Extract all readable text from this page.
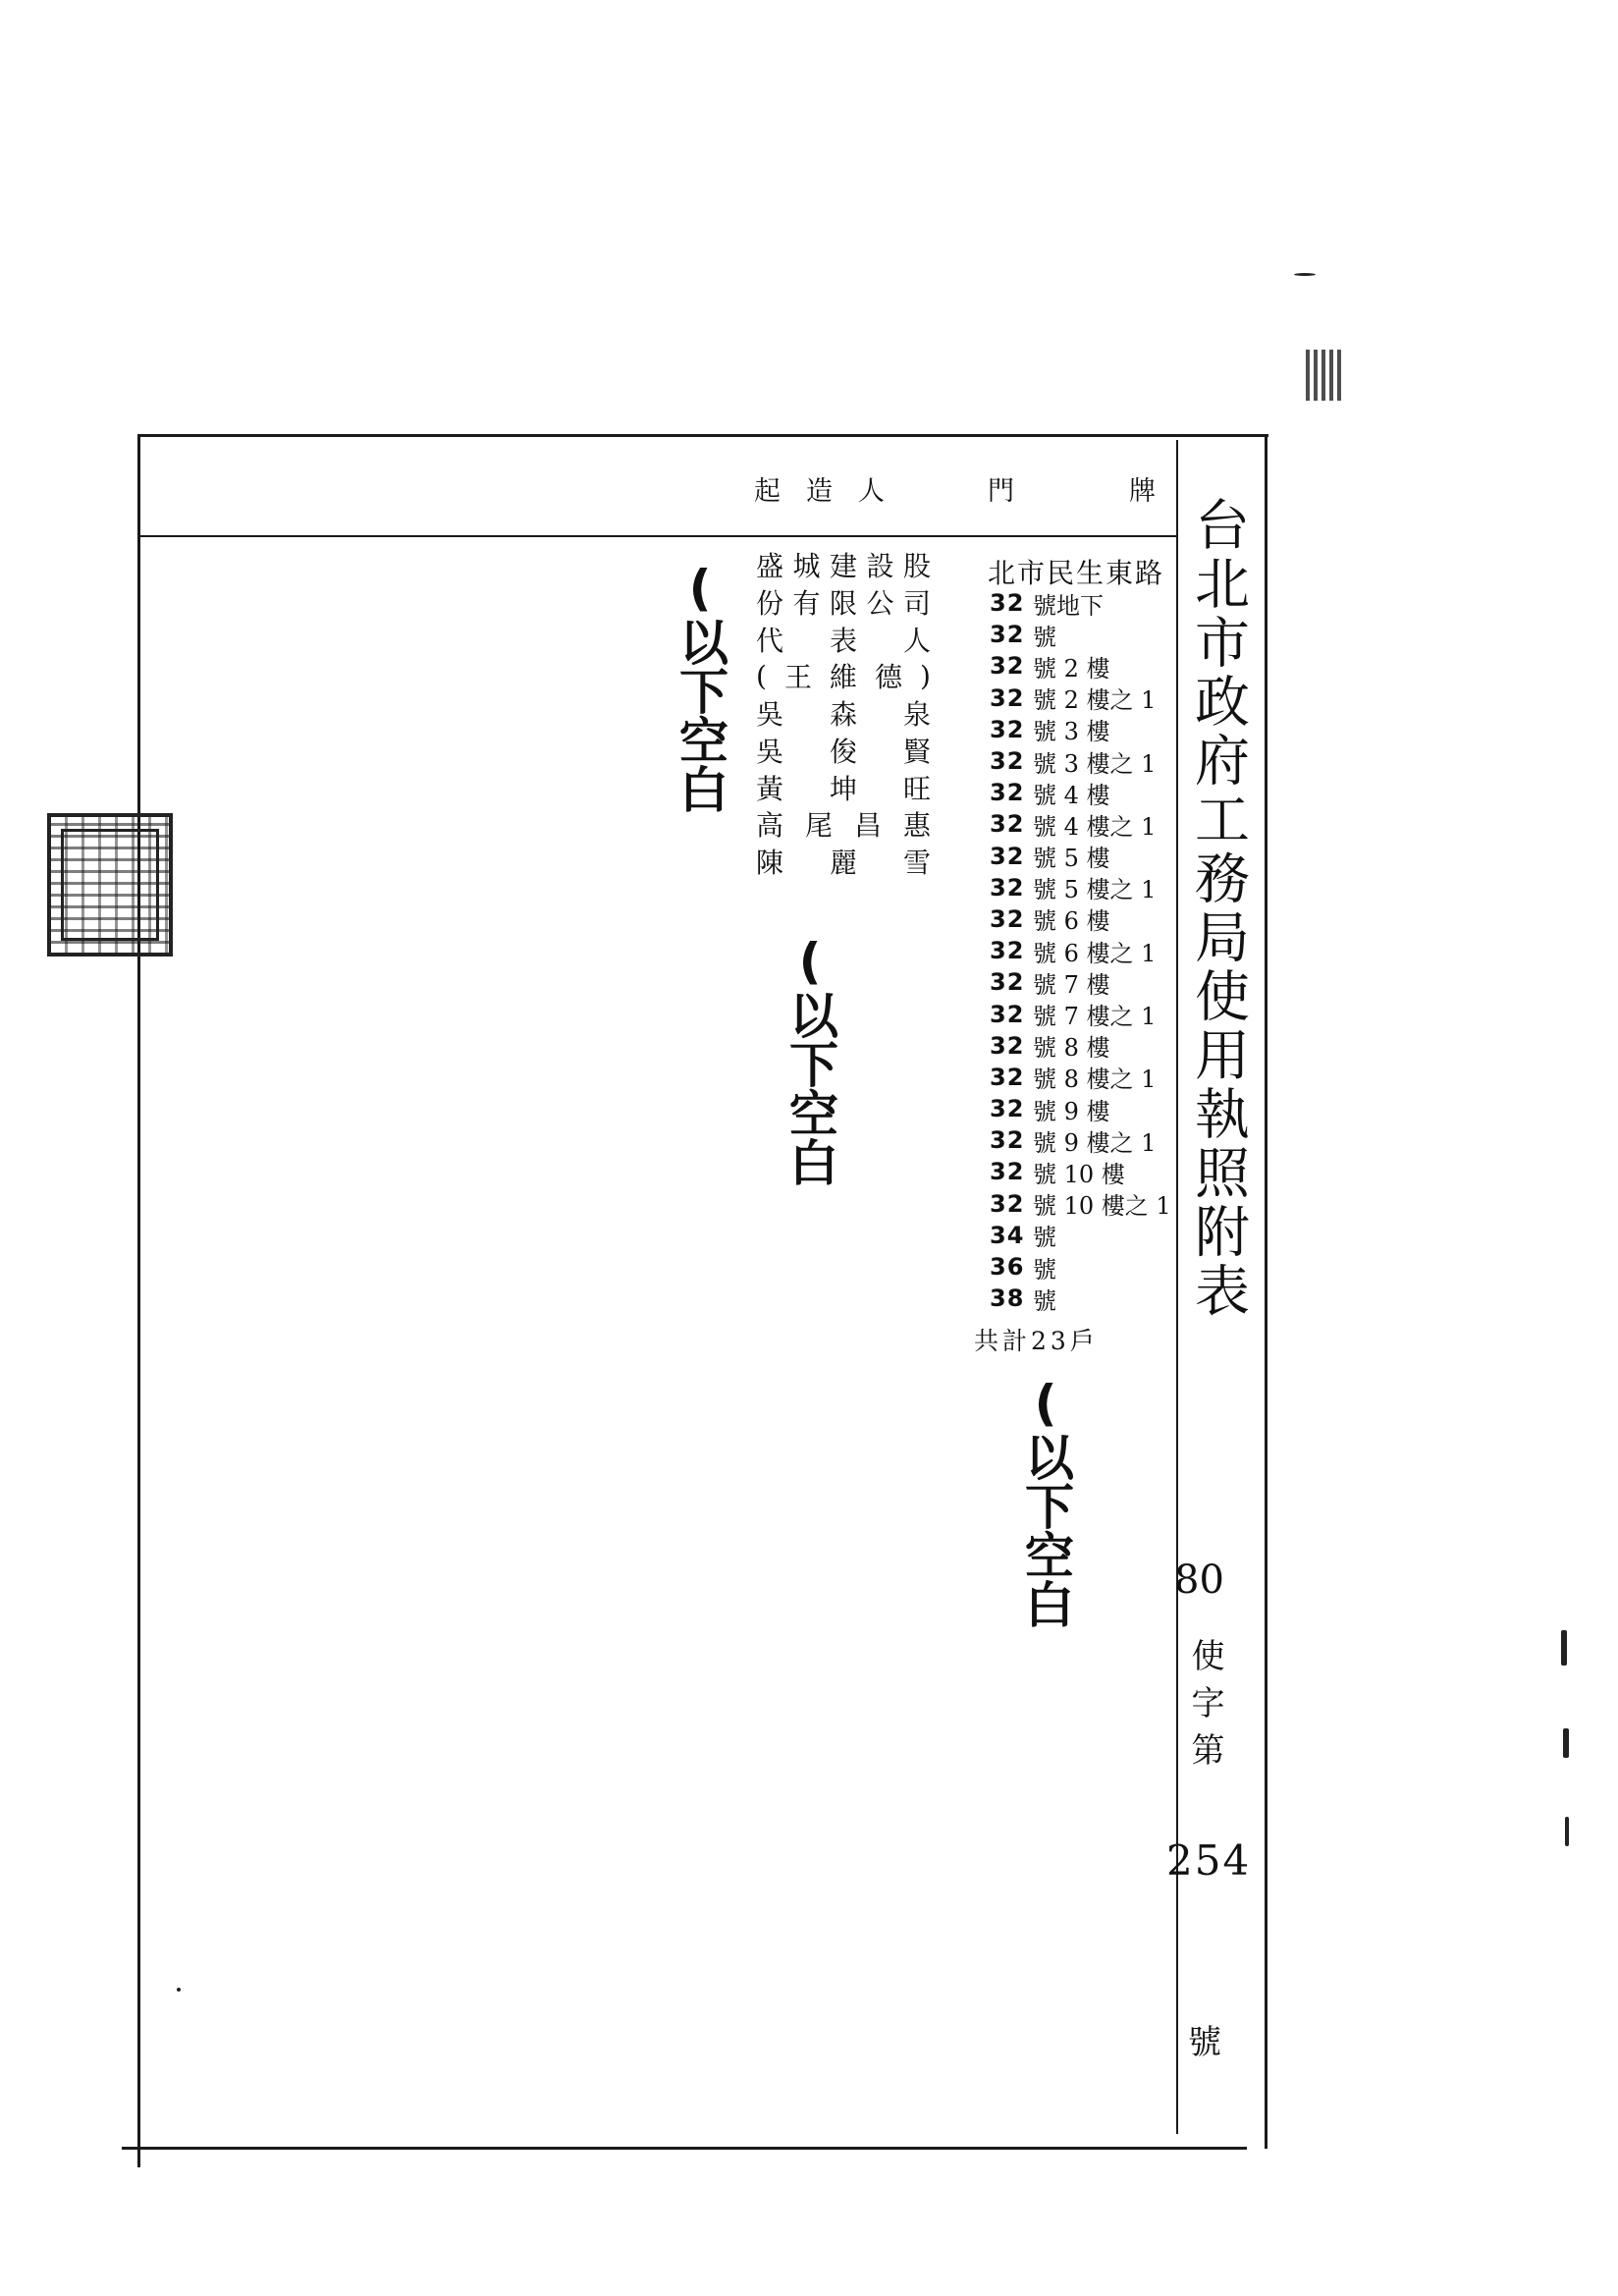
台北市政府工務局使用執照附表
80
使字第
254
號
起造人	門	牌
盛 城 建 設 股
份 有 限 公 司
代 表 人
( 王 維 德 )
吳 森 泉
吳 俊 賢
黃 坤 旺
高 尾 昌 惠
陳 麗 雪
北市民生東路
32 號地下
32 號
32 號 2 樓
32 號 2 樓之 1
32 號 3 樓
32 號 3 樓之 1
32 號 4 樓
32 號 4 樓之 1
32 號 5 樓
32 號 5 樓之 1
32 號 6 樓
32 號 6 樓之 1
32 號 7 樓
32 號 7 樓之 1
32 號 8 樓
32 號 8 樓之 1
32 號 9 樓
32 號 9 樓之 1
32 號 10 樓
32 號 10 樓之 1
34 號
36 號
38 號
共計23戶
(以下空白
(以下空白
(以下空白
